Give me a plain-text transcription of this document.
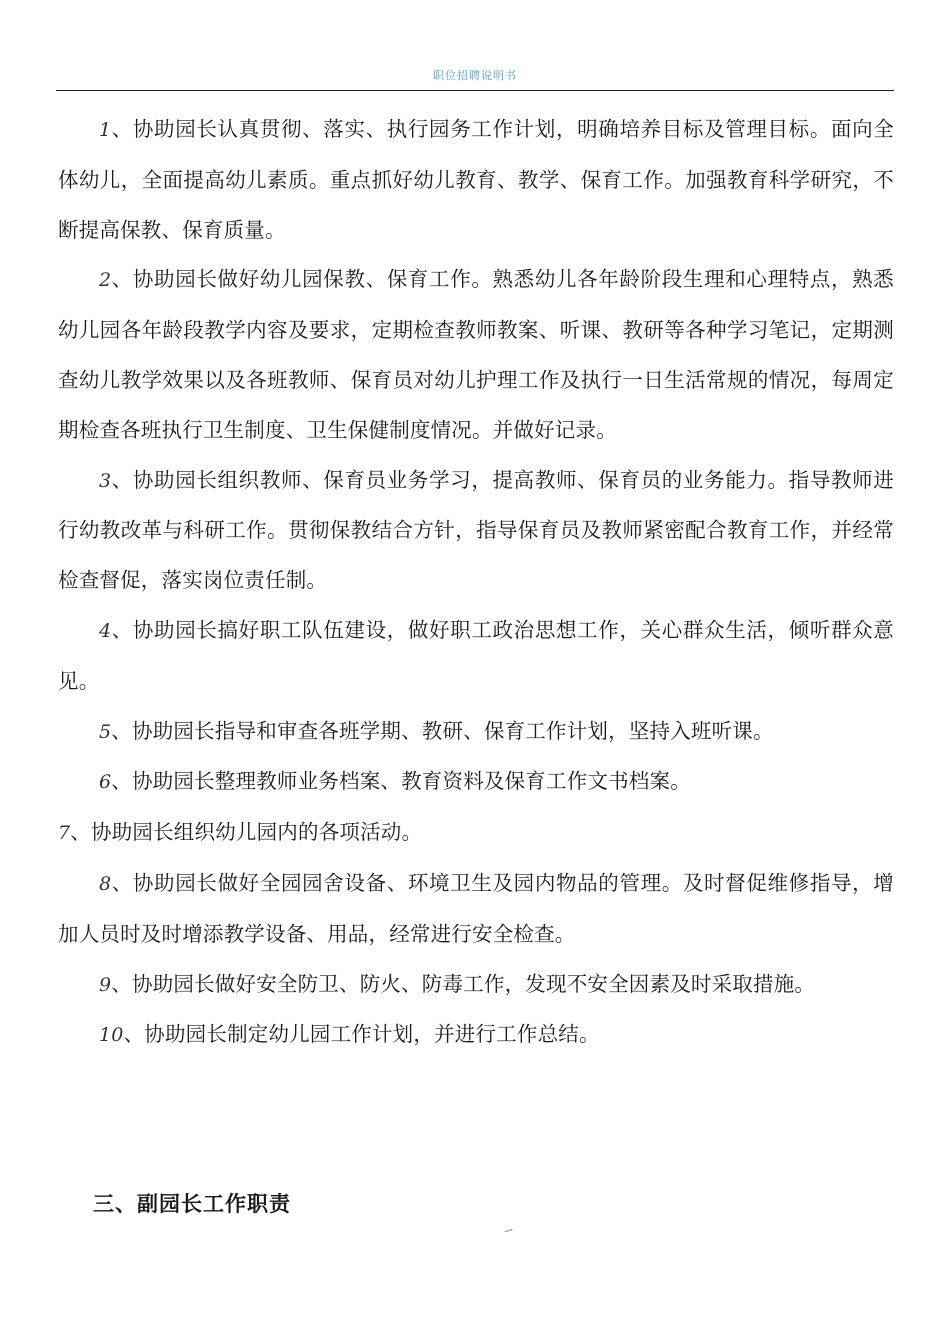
职位招聘说明书

1、协助园长认真贯彻、落实、执行园务工作计划，明确培养目标及管理目标。面向全体幼儿，全面提高幼儿素质。重点抓好幼儿教育、教学、保育工作。加强教育科学研究，不断提高保教、保育质量。

2、协助园长做好幼儿园保教、保育工作。熟悉幼儿各年龄阶段生理和心理特点，熟悉幼儿园各年龄段教学内容及要求，定期检查教师教案、听课、教研等各种学习笔记，定期测查幼儿教学效果以及各班教师、保育员对幼儿护理工作及执行一日生活常规的情况，每周定期检查各班执行卫生制度、卫生保健制度情况。并做好记录。

3、协助园长组织教师、保育员业务学习，提高教师、保育员的业务能力。指导教师进行幼教改革与科研工作。贯彻保教结合方针，指导保育员及教师紧密配合教育工作，并经常检查督促，落实岗位责任制。

4、协助园长搞好职工队伍建设，做好职工政治思想工作，关心群众生活，倾听群众意见。

5、协助园长指导和审查各班学期、教研、保育工作计划，坚持入班听课。

6、协助园长整理教师业务档案、教育资料及保育工作文书档案。

7、协助园长组织幼儿园内的各项活动。

8、协助园长做好全园园舍设备、环境卫生及园内物品的管理。及时督促维修指导，增加人员时及时增添教学设备、用品，经常进行安全检查。

9、协助园长做好安全防卫、防火、防毒工作，发现不安全因素及时采取措施。

10、协助园长制定幼儿园工作计划，并进行工作总结。

三、副园长工作职责
